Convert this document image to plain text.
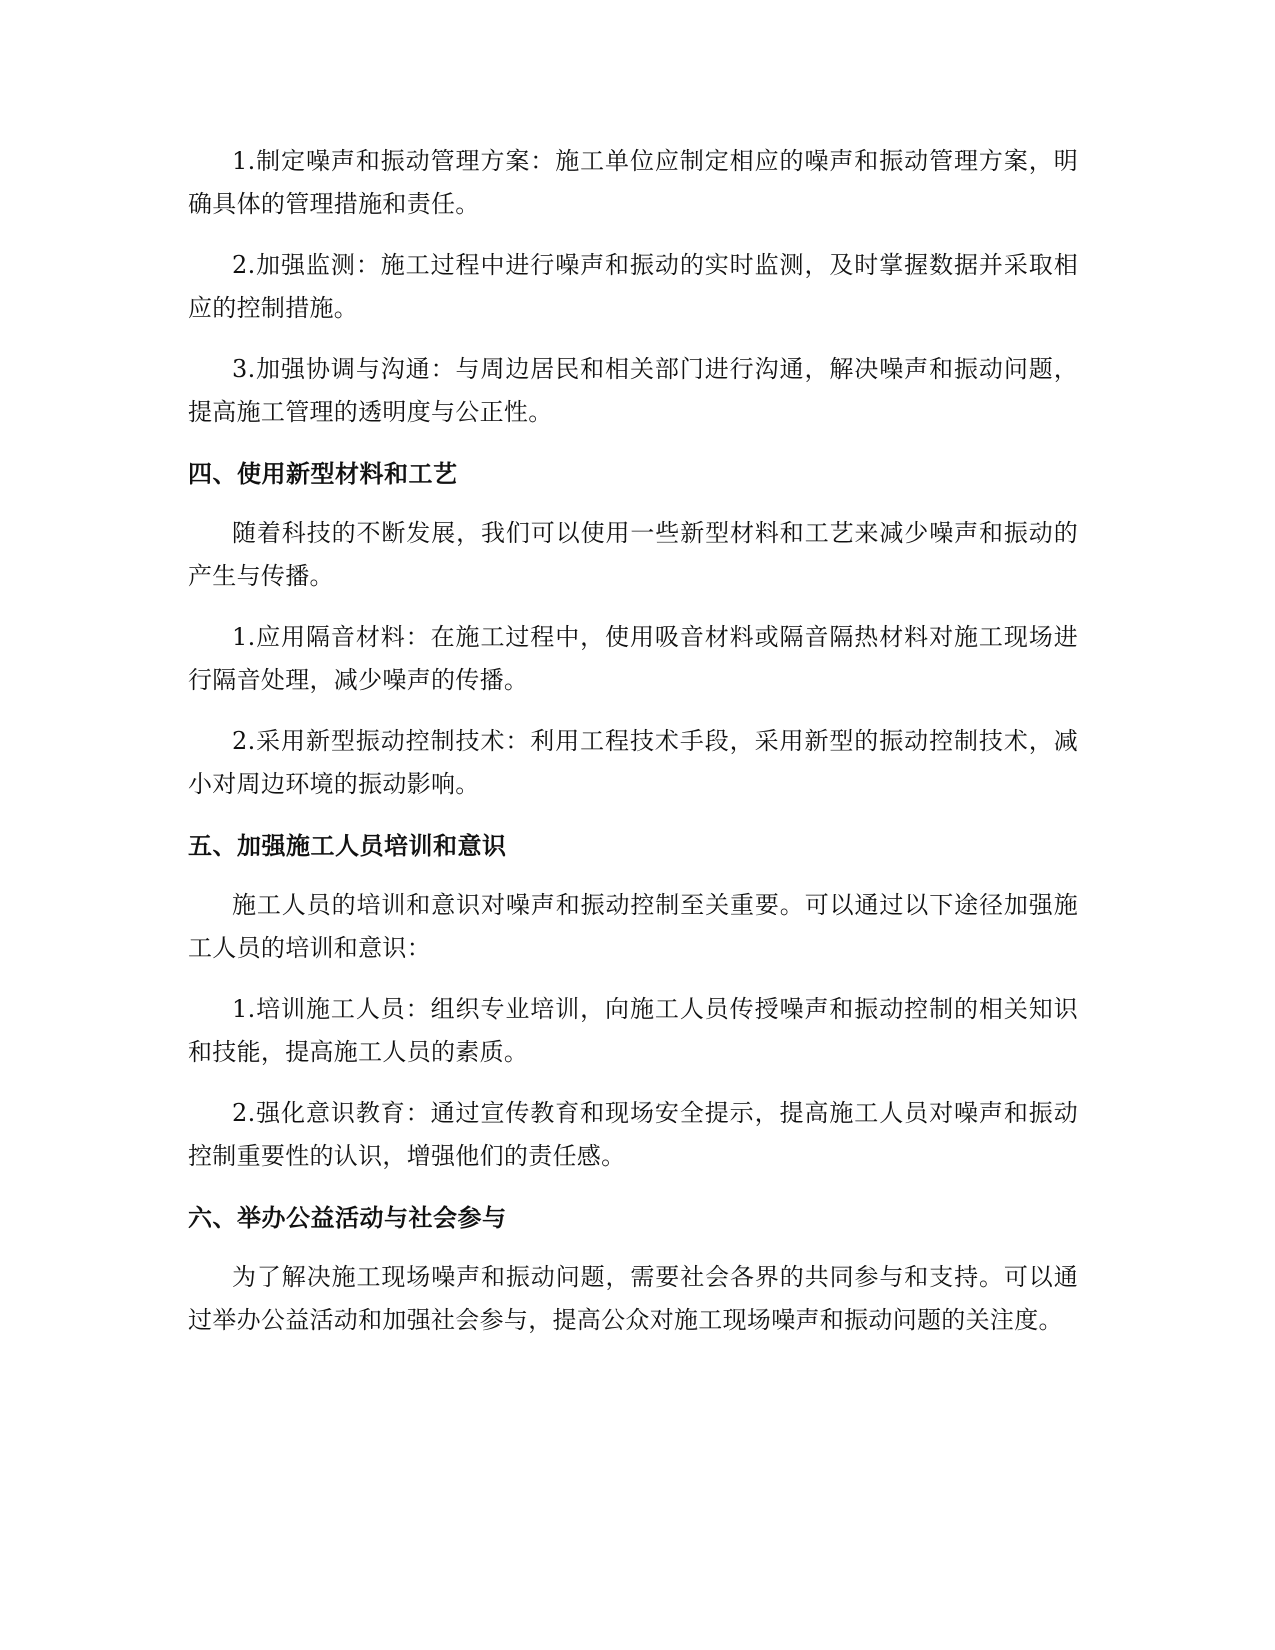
1.制定噪声和振动管理方案：施工单位应制定相应的噪声和振动管理方案，明确具体的管理措施和责任。

2.加强监测：施工过程中进行噪声和振动的实时监测，及时掌握数据并采取相应的控制措施。

3.加强协调与沟通：与周边居民和相关部门进行沟通，解决噪声和振动问题，提高施工管理的透明度与公正性。

四、使用新型材料和工艺

随着科技的不断发展，我们可以使用一些新型材料和工艺来减少噪声和振动的产生与传播。

1.应用隔音材料：在施工过程中，使用吸音材料或隔音隔热材料对施工现场进行隔音处理，减少噪声的传播。

2.采用新型振动控制技术：利用工程技术手段，采用新型的振动控制技术，减小对周边环境的振动影响。

五、加强施工人员培训和意识

施工人员的培训和意识对噪声和振动控制至关重要。可以通过以下途径加强施工人员的培训和意识：

1.培训施工人员：组织专业培训，向施工人员传授噪声和振动控制的相关知识和技能，提高施工人员的素质。

2.强化意识教育：通过宣传教育和现场安全提示，提高施工人员对噪声和振动控制重要性的认识，增强他们的责任感。

六、举办公益活动与社会参与

为了解决施工现场噪声和振动问题，需要社会各界的共同参与和支持。可以通过举办公益活动和加强社会参与，提高公众对施工现场噪声和振动问题的关注度。
